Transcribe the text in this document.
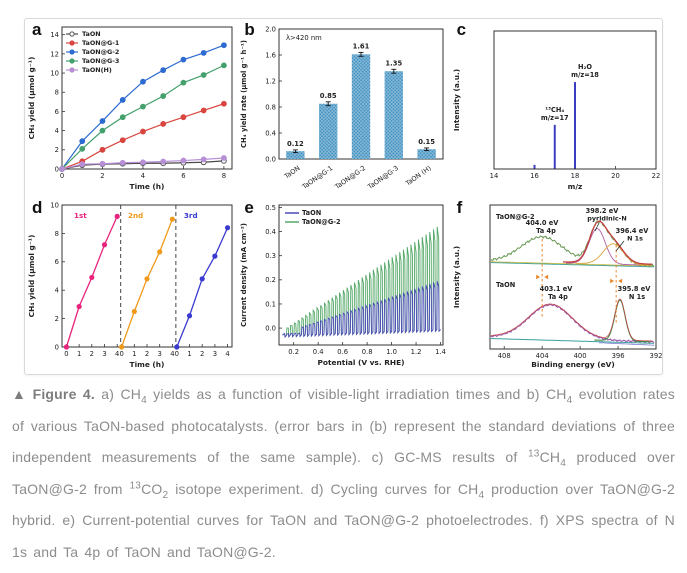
a
0	2	4	6	8
0
2
4
6
8
10
12
14	TaON
TaON@G-1
TaON@G-2
TaON@G-3
TaON(H)
Time (h)
CH₄ yield (μmol g⁻¹)
b
0.0
0.4
0.8
1.2
1.6
2.0
0.12
TaON
0.85
TaON@G-1
1.61
TaON@G-2
1.35
TaON@G-3
0.15
TaON (H)
λ>420 nm
CH₄ yield rate (μmol g⁻¹ h⁻¹)
c
14	16	18	20	22
¹³CH₄
m/z=17
H₂O
m/z=18
m/z
Intensity (a.u.)
d
0
2
4
6
8
10
0 1 2 3 4
1st
0 1 2 3 4
2nd
0 1 2 3 4
3rd
Time (h)
CH₄ yield (μmol g⁻¹)
e
0.2 0.4 0.6 0.8 1.0 1.2 1.4
0.0
0.1
0.2
0.3
0.4
0.5
TaON
TaON@G-2
Potential (V vs. RHE)
Current density (mA cm⁻²)
f
408	404	400	396	392
TaON@G-2
404.0 eV
Ta 4p
398.2 eV
pyridinic-N
396.4 eV
N 1s
TaON	403.1 eV
Ta 4p
395.8 eV
N 1s
Binding energy (eV)
Intensity (a.u.)
▲ Figure 4. a) $CH_4$ yields as a function of visible-light irradiation times and b) $CH_4$ evolution rates of various TaON-based photocatalysts. (error bars in (b) represent the standard deviations of three independent measurements of the same sample). c) GC-MS results of $^{13}CH_4$ produced over TaON@G-2 from $^{13}CO_2$ isotope experiment. d) Cycling curves for $CH_4$ production over TaON@G-2 hybrid. e) Current-potential curves for TaON and TaON@G-2 photoelectrodes. f) XPS spectra of N 1s and Ta 4p of TaON and TaON@G-2.
